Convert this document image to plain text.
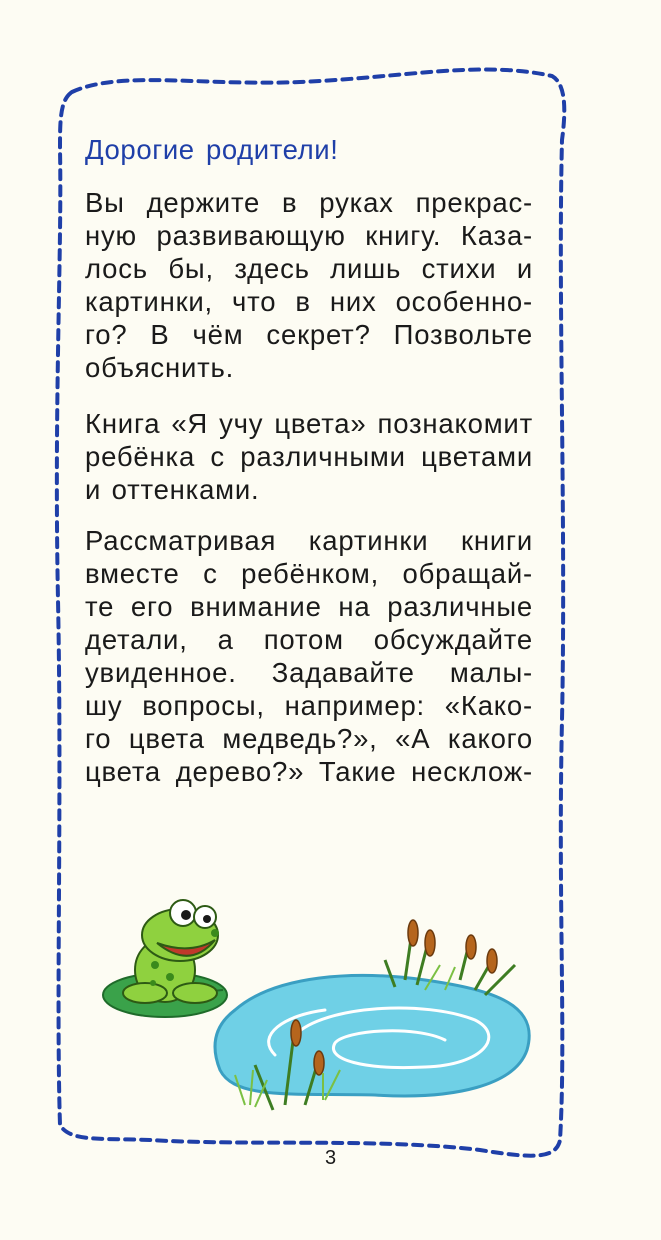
Дорогие родители!
Вы держите в руках прекрас-
ную развивающую книгу. Каза-
лось бы, здесь лишь стихи и
картинки, что в них особенно-
го? В чём секрет? Позвольте
объяснить.
Книга «Я учу цвета» познакомит
ребёнка с различными цветами
и оттенками.
Рассматривая картинки книги
вместе с ребёнком, обращай-
те его внимание на различные
детали, а потом обсуждайте
увиденное. Задавайте малы-
шу вопросы, например: «Како-
го цвета медведь?», «А какого
цвета дерево?» Такие несклож-
3
